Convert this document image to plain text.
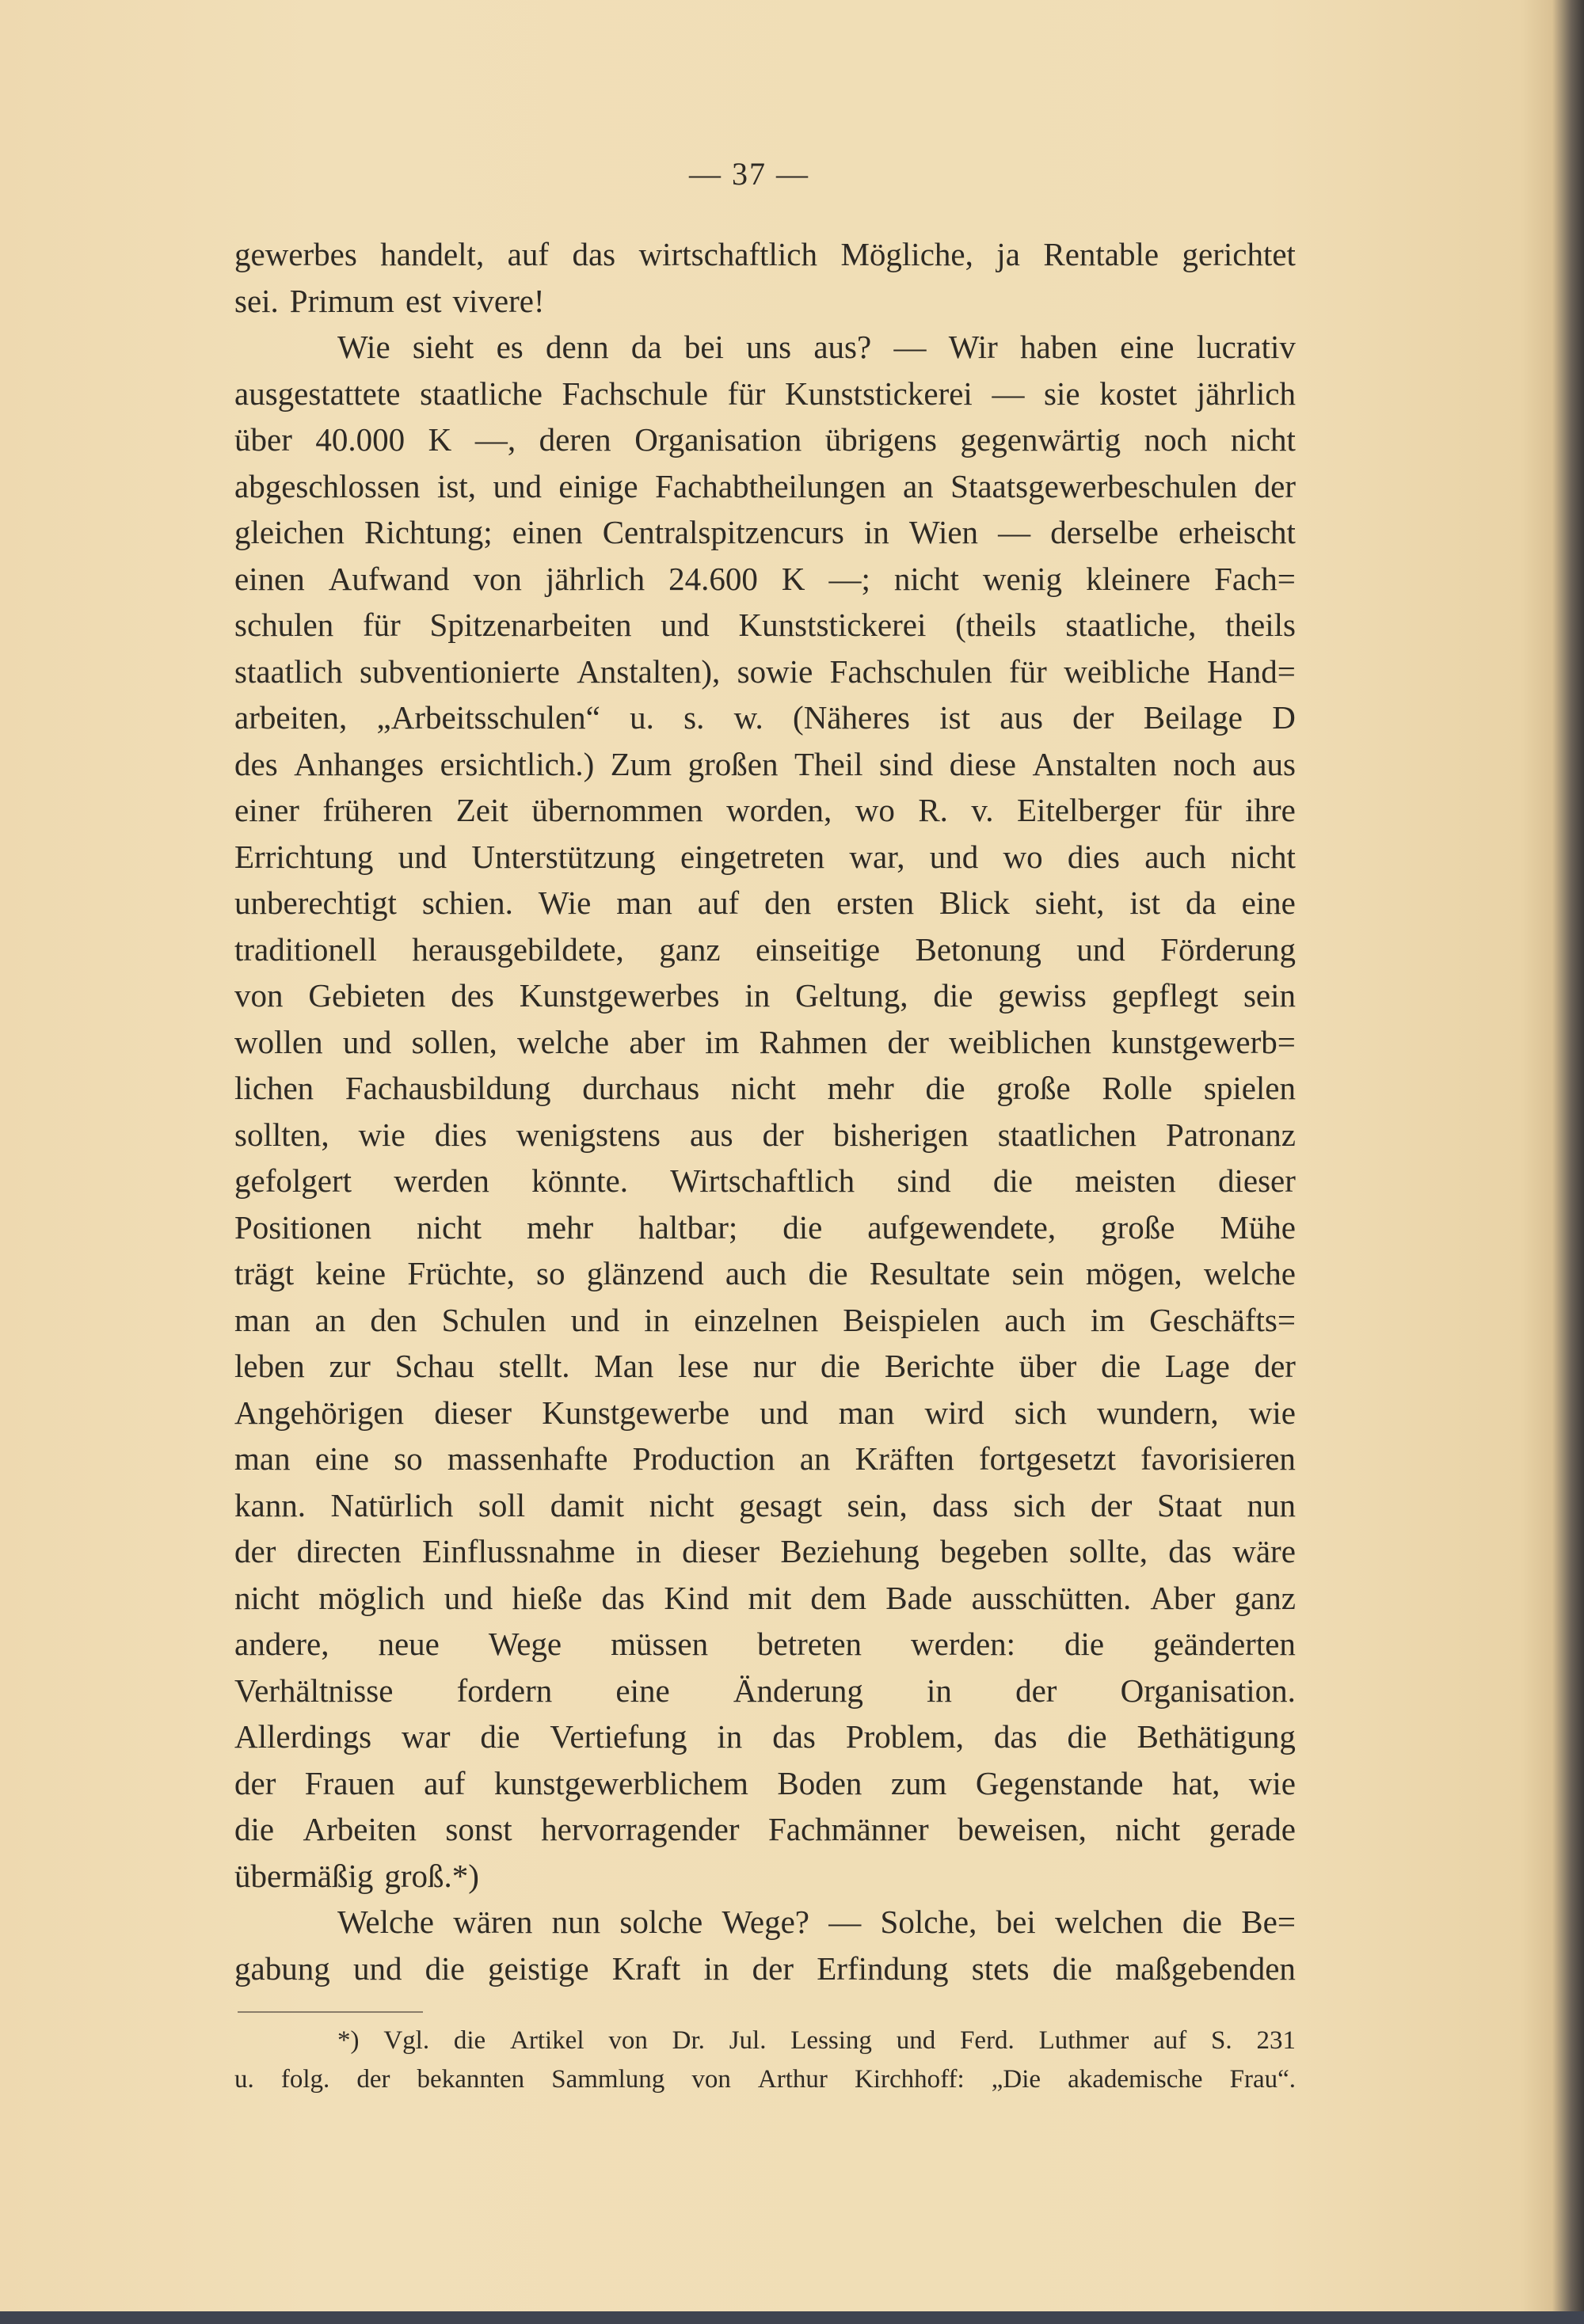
— 37 —
gewerbes handelt, auf das wirtschaftlich Mögliche, ja Rentable gerichtet
sei. Primum est vivere!
Wie sieht es denn da bei uns aus? — Wir haben eine lucrativ
ausgestattete staatliche Fachschule für Kunststickerei — sie kostet jährlich
über 40.000 K —, deren Organisation übrigens gegenwärtig noch nicht
abgeschlossen ist, und einige Fachabtheilungen an Staatsgewerbeschulen der
gleichen Richtung; einen Centralspitzencurs in Wien — derselbe erheischt
einen Aufwand von jährlich 24.600 K —; nicht wenig kleinere Fach=
schulen für Spitzenarbeiten und Kunststickerei (theils staatliche, theils
staatlich subventionierte Anstalten), sowie Fachschulen für weibliche Hand=
arbeiten, „Arbeitsschulen“ u. s. w. (Näheres ist aus der Beilage D
des Anhanges ersichtlich.) Zum großen Theil sind diese Anstalten noch aus
einer früheren Zeit übernommen worden, wo R. v. Eitelberger für ihre
Errichtung und Unterstützung eingetreten war, und wo dies auch nicht
unberechtigt schien. Wie man auf den ersten Blick sieht, ist da eine
traditionell herausgebildete, ganz einseitige Betonung und Förderung
von Gebieten des Kunstgewerbes in Geltung, die gewiss gepflegt sein
wollen und sollen, welche aber im Rahmen der weiblichen kunstgewerb=
lichen Fachausbildung durchaus nicht mehr die große Rolle spielen
sollten, wie dies wenigstens aus der bisherigen staatlichen Patronanz
gefolgert werden könnte. Wirtschaftlich sind die meisten dieser
Positionen nicht mehr haltbar; die aufgewendete, große Mühe
trägt keine Früchte, so glänzend auch die Resultate sein mögen, welche
man an den Schulen und in einzelnen Beispielen auch im Geschäfts=
leben zur Schau stellt. Man lese nur die Berichte über die Lage der
Angehörigen dieser Kunstgewerbe und man wird sich wundern, wie
man eine so massenhafte Production an Kräften fortgesetzt favorisieren
kann. Natürlich soll damit nicht gesagt sein, dass sich der Staat nun
der directen Einflussnahme in dieser Beziehung begeben sollte, das wäre
nicht möglich und hieße das Kind mit dem Bade ausschütten. Aber ganz
andere, neue Wege müssen betreten werden: die geänderten
Verhältnisse fordern eine Änderung in der Organisation.
Allerdings war die Vertiefung in das Problem, das die Bethätigung
der Frauen auf kunstgewerblichem Boden zum Gegenstande hat, wie
die Arbeiten sonst hervorragender Fachmänner beweisen, nicht gerade
übermäßig groß.*)
Welche wären nun solche Wege? — Solche, bei welchen die Be=
gabung und die geistige Kraft in der Erfindung stets die maßgebenden
*) Vgl. die Artikel von Dr. Jul. Lessing und Ferd. Luthmer auf S. 231
u. folg. der bekannten Sammlung von Arthur Kirchhoff: „Die akademische Frau“.
